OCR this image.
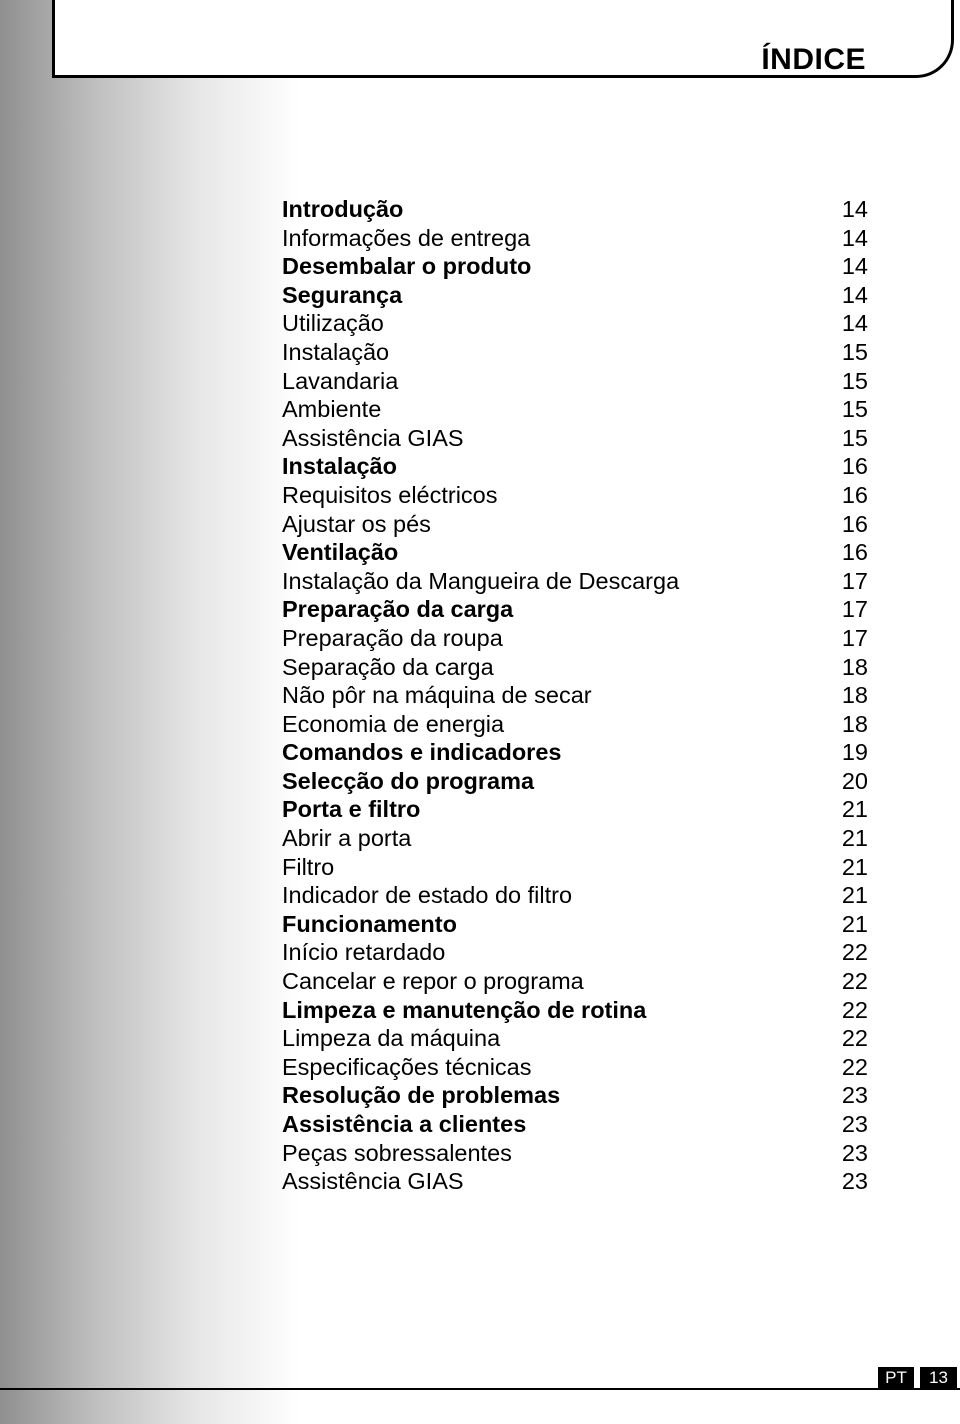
ÍNDICE
Introdução	14
Informações de entrega	14
Desembalar o produto	14
Segurança	14
Utilização	14
Instalação	15
Lavandaria	15
Ambiente	15
Assistência GIAS	15
Instalação	16
Requisitos eléctricos	16
Ajustar os pés	16
Ventilação	16
Instalação da Mangueira de Descarga	17
Preparação da carga	17
Preparação da roupa	17
Separação da carga	18
Não pôr na máquina de secar	18
Economia de energia	18
Comandos e indicadores	19
Selecção do programa	20
Porta e filtro	21
Abrir a porta	21
Filtro	21
Indicador de estado do filtro	21
Funcionamento	21
Início retardado	22
Cancelar e repor o programa	22
Limpeza e manutenção de rotina	22
Limpeza da máquina	22
Especificações técnicas	22
Resolução de problemas	23
Assistência a clientes	23
Peças sobressalentes	23
Assistência GIAS	23
PT	13
